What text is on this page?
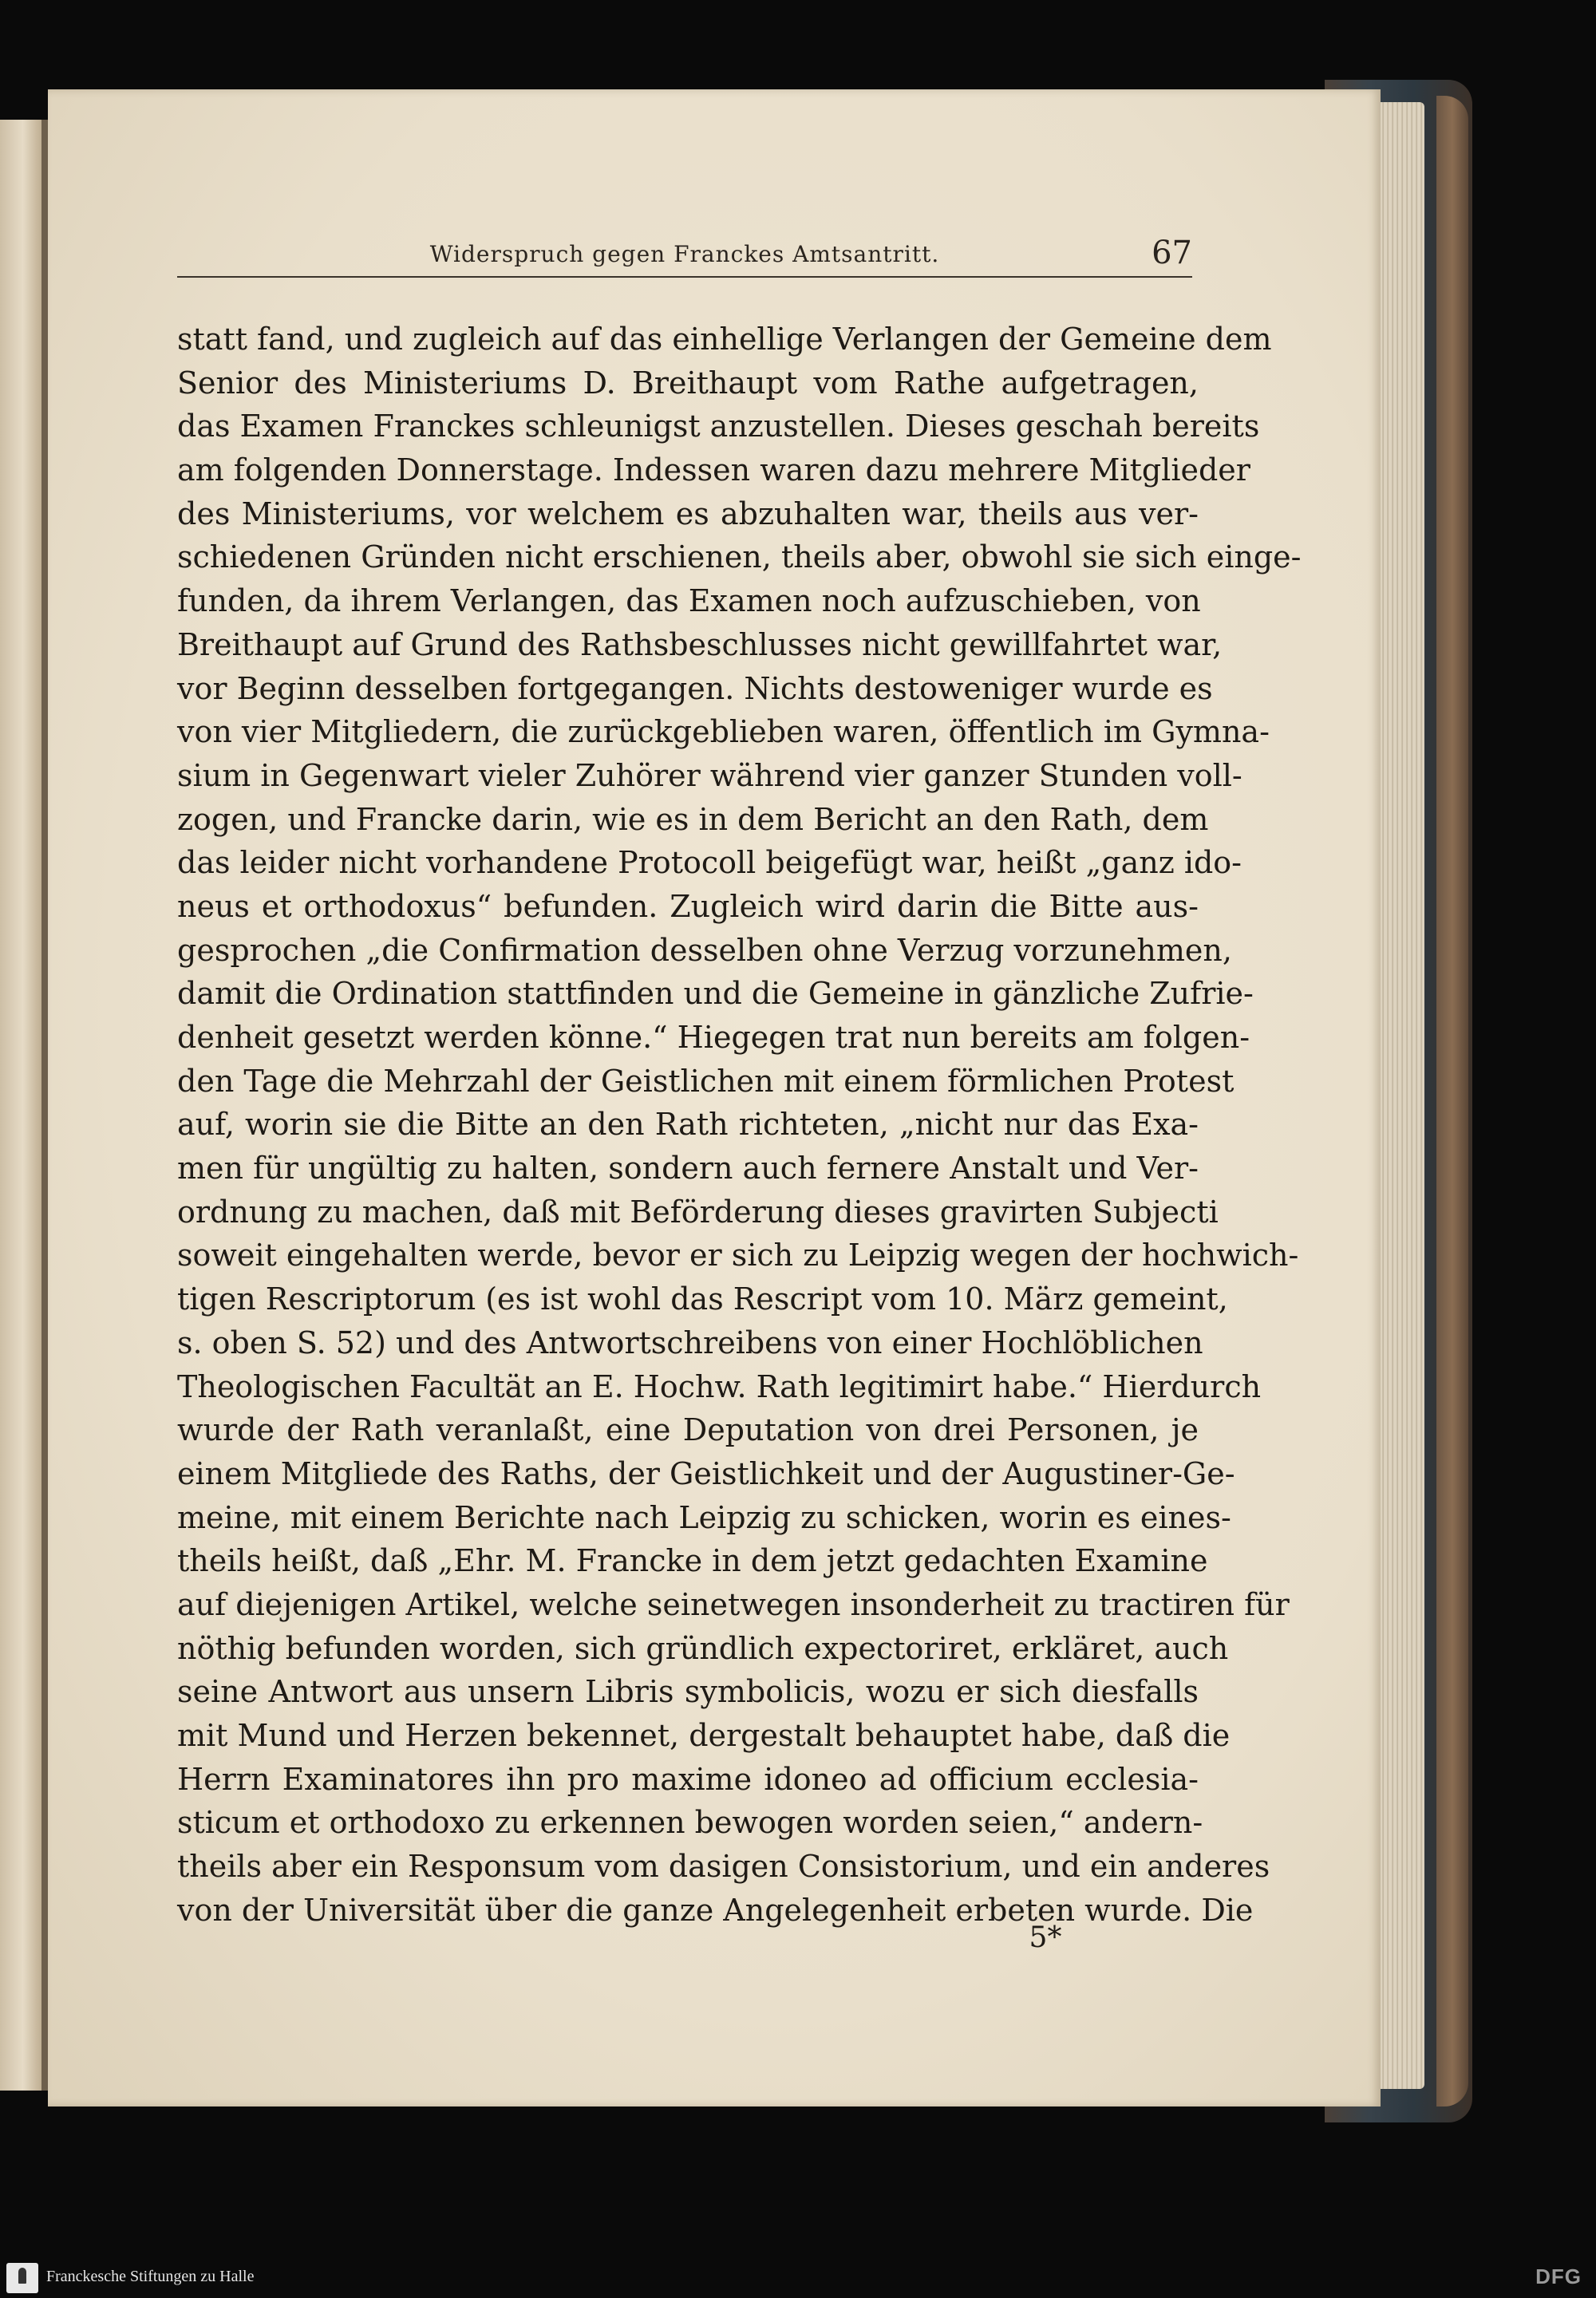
Widerspruch gegen Franckes Amtsantritt.	67
statt fand, und zugleich auf das einhellige Verlangen der Gemeine dem
Senior des Ministeriums D. Breithaupt vom Rathe aufgetragen,
das Examen Franckes schleunigst anzustellen. Dieses geschah bereits
am folgenden Donnerstage. Indessen waren dazu mehrere Mitglieder
des Ministeriums, vor welchem es abzuhalten war, theils aus ver-
schiedenen Gründen nicht erschienen, theils aber, obwohl sie sich einge-
funden, da ihrem Verlangen, das Examen noch aufzuschieben, von
Breithaupt auf Grund des Rathsbeschlusses nicht gewillfahrtet war,
vor Beginn desselben fortgegangen. Nichts destoweniger wurde es
von vier Mitgliedern, die zurückgeblieben waren, öffentlich im Gymna-
sium in Gegenwart vieler Zuhörer während vier ganzer Stunden voll-
zogen, und Francke darin, wie es in dem Bericht an den Rath, dem
das leider nicht vorhandene Protocoll beigefügt war, heißt „ganz ido-
neus et orthodoxus“ befunden. Zugleich wird darin die Bitte aus-
gesprochen „die Confirmation desselben ohne Verzug vorzunehmen,
damit die Ordination stattfinden und die Gemeine in gänzliche Zufrie-
denheit gesetzt werden könne.“ Hiegegen trat nun bereits am folgen-
den Tage die Mehrzahl der Geistlichen mit einem förmlichen Protest
auf, worin sie die Bitte an den Rath richteten, „nicht nur das Exa-
men für ungültig zu halten, sondern auch fernere Anstalt und Ver-
ordnung zu machen, daß mit Beförderung dieses gravirten Subjecti
soweit eingehalten werde, bevor er sich zu Leipzig wegen der hochwich-
tigen Rescriptorum (es ist wohl das Rescript vom 10. März gemeint,
s. oben S. 52) und des Antwortschreibens von einer Hochlöblichen
Theologischen Facultät an E. Hochw. Rath legitimirt habe.“ Hierdurch
wurde der Rath veranlaßt, eine Deputation von drei Personen, je
einem Mitgliede des Raths, der Geistlichkeit und der Augustiner-Ge-
meine, mit einem Berichte nach Leipzig zu schicken, worin es eines-
theils heißt, daß „Ehr. M. Francke in dem jetzt gedachten Examine
auf diejenigen Artikel, welche seinetwegen insonderheit zu tractiren für
nöthig befunden worden, sich gründlich expectoriret, erkläret, auch
seine Antwort aus unsern Libris symbolicis, wozu er sich diesfalls
mit Mund und Herzen bekennet, dergestalt behauptet habe, daß die
Herrn Examinatores ihn pro maxime idoneo ad officium ecclesia-
sticum et orthodoxo zu erkennen bewogen worden seien,“ andern-
theils aber ein Responsum vom dasigen Consistorium, und ein anderes
von der Universität über die ganze Angelegenheit erbeten wurde. Die
5*
Franckesche Stiftungen zu Halle	DFG
